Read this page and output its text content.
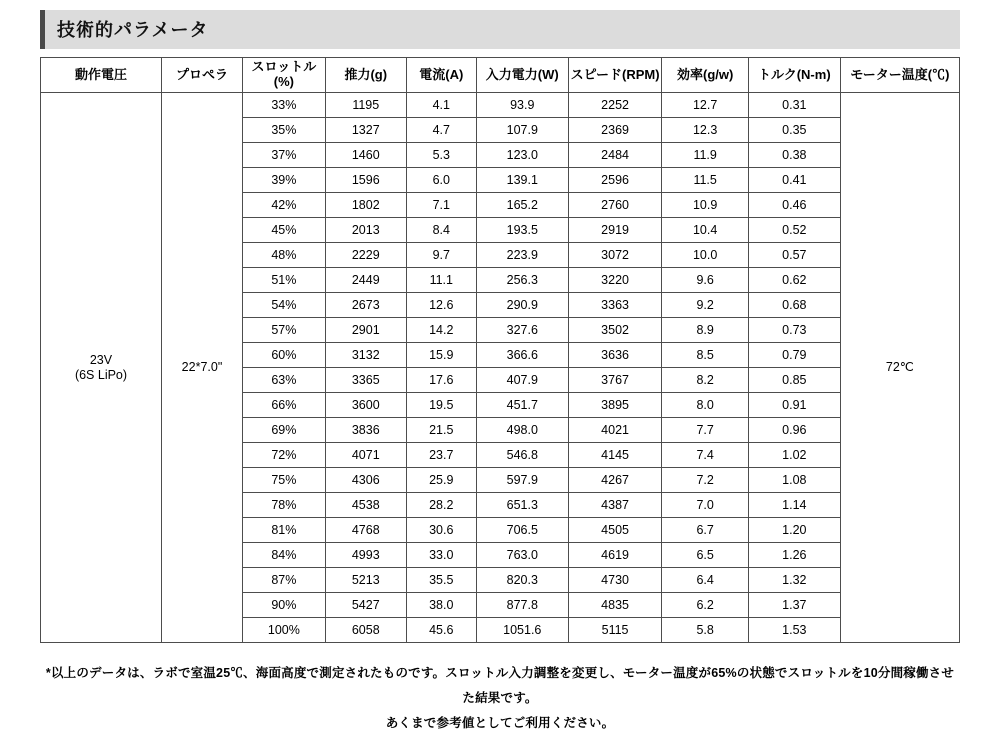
技術的パラメータ
動作電圧	プロペラ	スロットル(%)	推力(g)	電流(A)	入力電力(W)	スピード(RPM)	効率(g/w)	トルク(N-m)	モーター温度(℃)

23V
(6S LiPo)	22*7.0"	33%	1195	4.1	93.9	2252	12.7	0.31	72℃
		35%	1327	4.7	107.9	2369	12.3	0.35	
		37%	1460	5.3	123.0	2484	11.9	0.38	
		39%	1596	6.0	139.1	2596	11.5	0.41	
		42%	1802	7.1	165.2	2760	10.9	0.46	
		45%	2013	8.4	193.5	2919	10.4	0.52	
		48%	2229	9.7	223.9	3072	10.0	0.57	
		51%	2449	11.1	256.3	3220	9.6	0.62	
		54%	2673	12.6	290.9	3363	9.2	0.68	
		57%	2901	14.2	327.6	3502	8.9	0.73	
		60%	3132	15.9	366.6	3636	8.5	0.79	
		63%	3365	17.6	407.9	3767	8.2	0.85	
		66%	3600	19.5	451.7	3895	8.0	0.91	
		69%	3836	21.5	498.0	4021	7.7	0.96	
		72%	4071	23.7	546.8	4145	7.4	1.02	
		75%	4306	25.9	597.9	4267	7.2	1.08	
		78%	4538	28.2	651.3	4387	7.0	1.14	
		81%	4768	30.6	706.5	4505	6.7	1.20	
		84%	4993	33.0	763.0	4619	6.5	1.26	
		87%	5213	35.5	820.3	4730	6.4	1.32	
		90%	5427	38.0	877.8	4835	6.2	1.37	
		100%	6058	45.6	1051.6	5115	5.8	1.53	
*以上のデータは、ラボで室温25℃、海面高度で測定されたものです。スロットル入力調整を変更し、モーター温度が65%の状態でスロットルを10分間稼働させた結果です。
あくまで参考値としてご利用ください。
